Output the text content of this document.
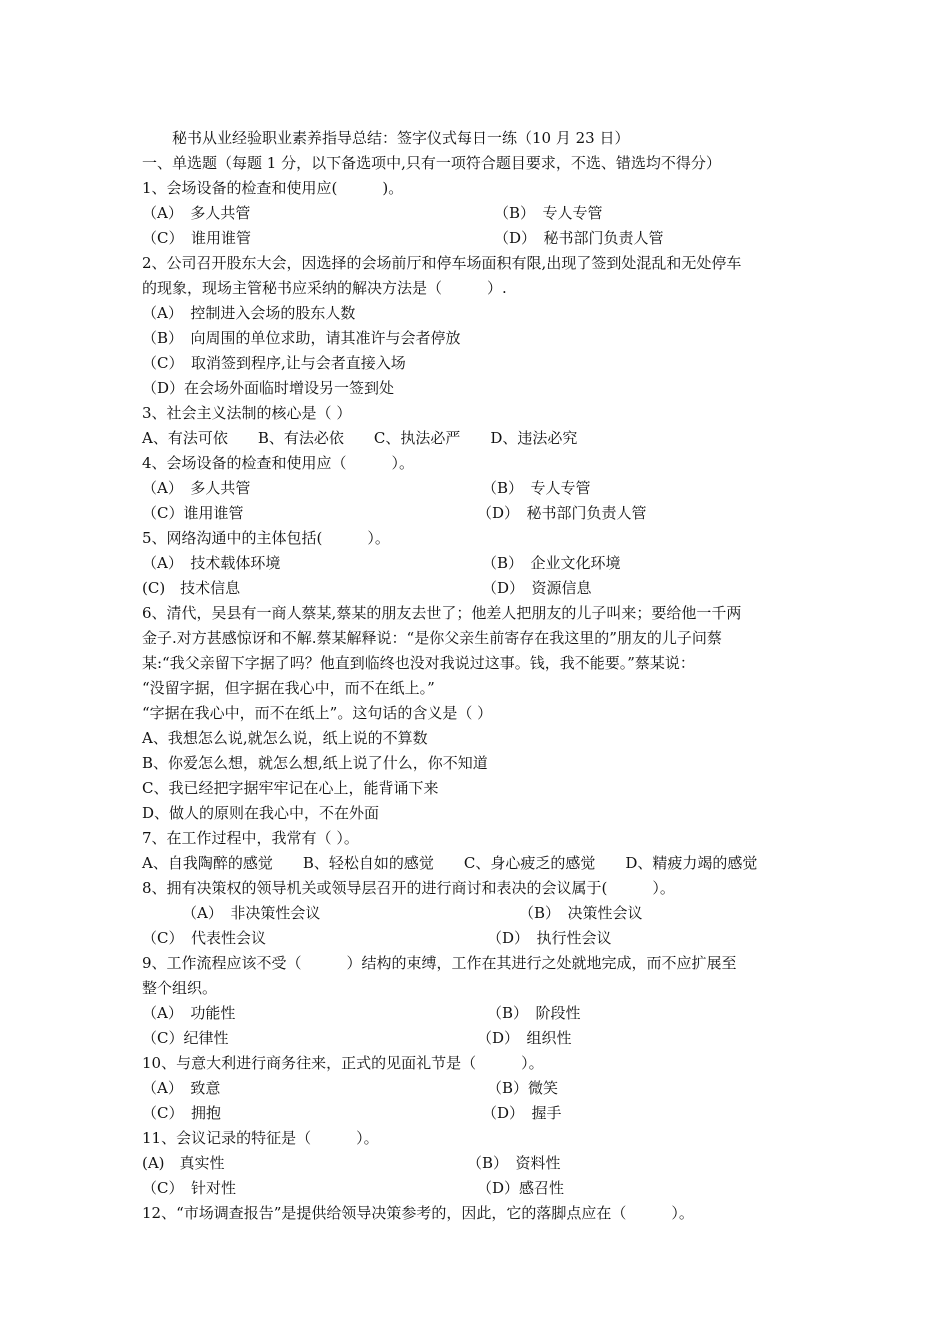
秘书从业经验职业素养指导总结：签字仪式每日一练（10 月 23 日）
一、单选题（每题 1 分，以下备选项中,只有一项符合题目要求，不选、错选均不得分）
1、会场设备的检查和使用应(　　　)。
（A）　多人共管	（B）　专人专管
（C）　谁用谁管	（D）　秘书部门负责人管
2、公司召开股东大会，因选择的会场前厅和停车场面积有限,出现了签到处混乱和无处停车
的现象，现场主管秘书应采纳的解决方法是（　　　）.
（A）　控制进入会场的股东人数
（B）　向周围的单位求助，请其准许与会者停放
（C）　取消签到程序,让与会者直接入场
（D）在会场外面临时增设另一签到处
3、社会主义法制的核心是（ ）
A、有法可依　　B、有法必依　　C、执法必严　　D、违法必究
4、会场设备的检查和使用应（　　　）。
（A）　多人共管	（B）　专人专管
（C）谁用谁管	（D）　秘书部门负责人管
5、网络沟通中的主体包括(　　　）。
（A）　技术载体环境	（B）　企业文化环境
(C)　技术信息	（D）　资源信息
6、清代，吴县有一商人蔡某,蔡某的朋友去世了；他差人把朋友的儿子叫来；要给他一千两
金子.对方甚感惊讶和不解.蔡某解释说：“是你父亲生前寄存在我这里的”朋友的儿子问蔡
某:“我父亲留下字据了吗？他直到临终也没对我说过这事。钱，我不能要。”蔡某说：
“没留字据，但字据在我心中，而不在纸上。”
“字据在我心中，而不在纸上”。这句话的含义是（ ）
A、我想怎么说,就怎么说，纸上说的不算数
B、你爱怎么想，就怎么想,纸上说了什么，你不知道
C、我已经把字据牢牢记在心上，能背诵下来
D、做人的原则在我心中，不在外面
7、在工作过程中，我常有（ ）。
A、自我陶醉的感觉　　B、轻松自如的感觉　　C、身心疲乏的感觉　　D、精疲力竭的感觉
8、拥有决策权的领导机关或领导层召开的进行商讨和表决的会议属于(　　　）。
（A）　非决策性会议	（B）　决策性会议
（C）　代表性会议	（D）　执行性会议
9、工作流程应该不受（　　　）结构的束缚，工作在其进行之处就地完成，而不应扩展至
整个组织。
（A）　功能性	（B）　阶段性
（C）纪律性	（D）　组织性
10、与意大利进行商务往来，正式的见面礼节是（　　　）。
（A）　致意	（B）微笑
（C）　拥抱	（D）　握手
11、会议记录的特征是（　　　）。
(A)　真实性	（B）　资料性
（C）　针对性	（D）感召性
12、“市场调查报告”是提供给领导决策参考的，因此，它的落脚点应在（　　　）。
